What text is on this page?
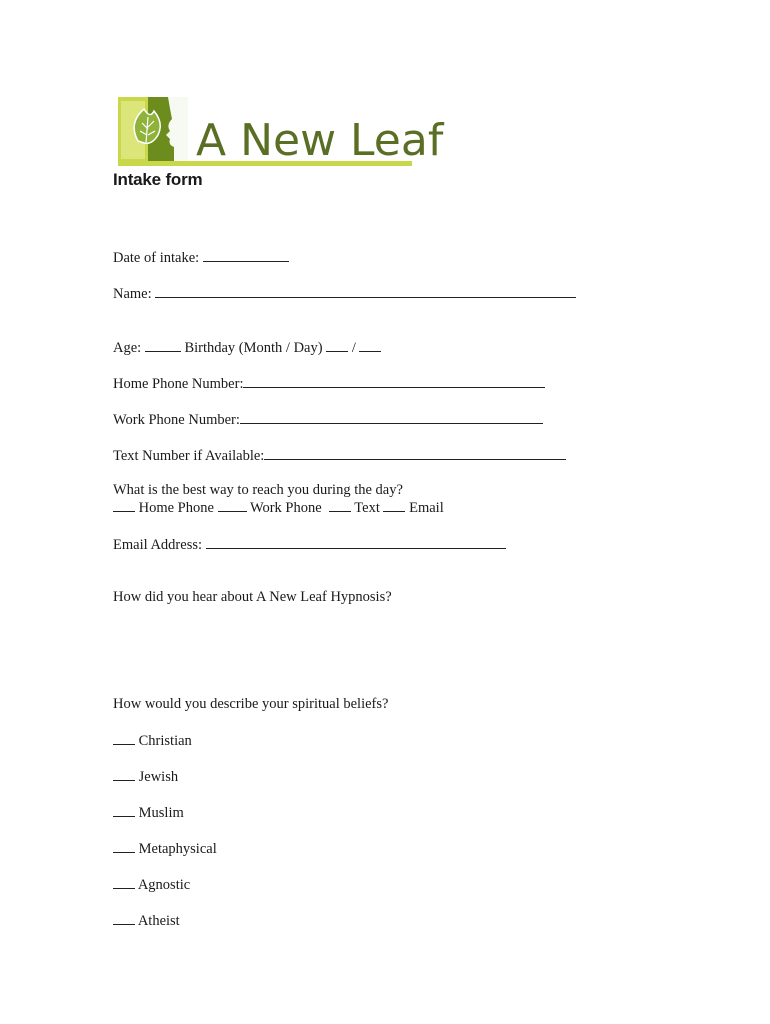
A New Leaf
Intake form
Date of intake:
Name:
Age:	Birthday (Month / Day) /
Home Phone Number:
Work Phone Number:
Text Number if Available:
What is the best way to reach you during the day?
Home Phone Work Phone Text Email
Email Address:
How did you hear about A New Leaf Hypnosis?
How would you describe your spiritual beliefs?
Christian
Jewish
Muslim
Metaphysical
Agnostic
Atheist
